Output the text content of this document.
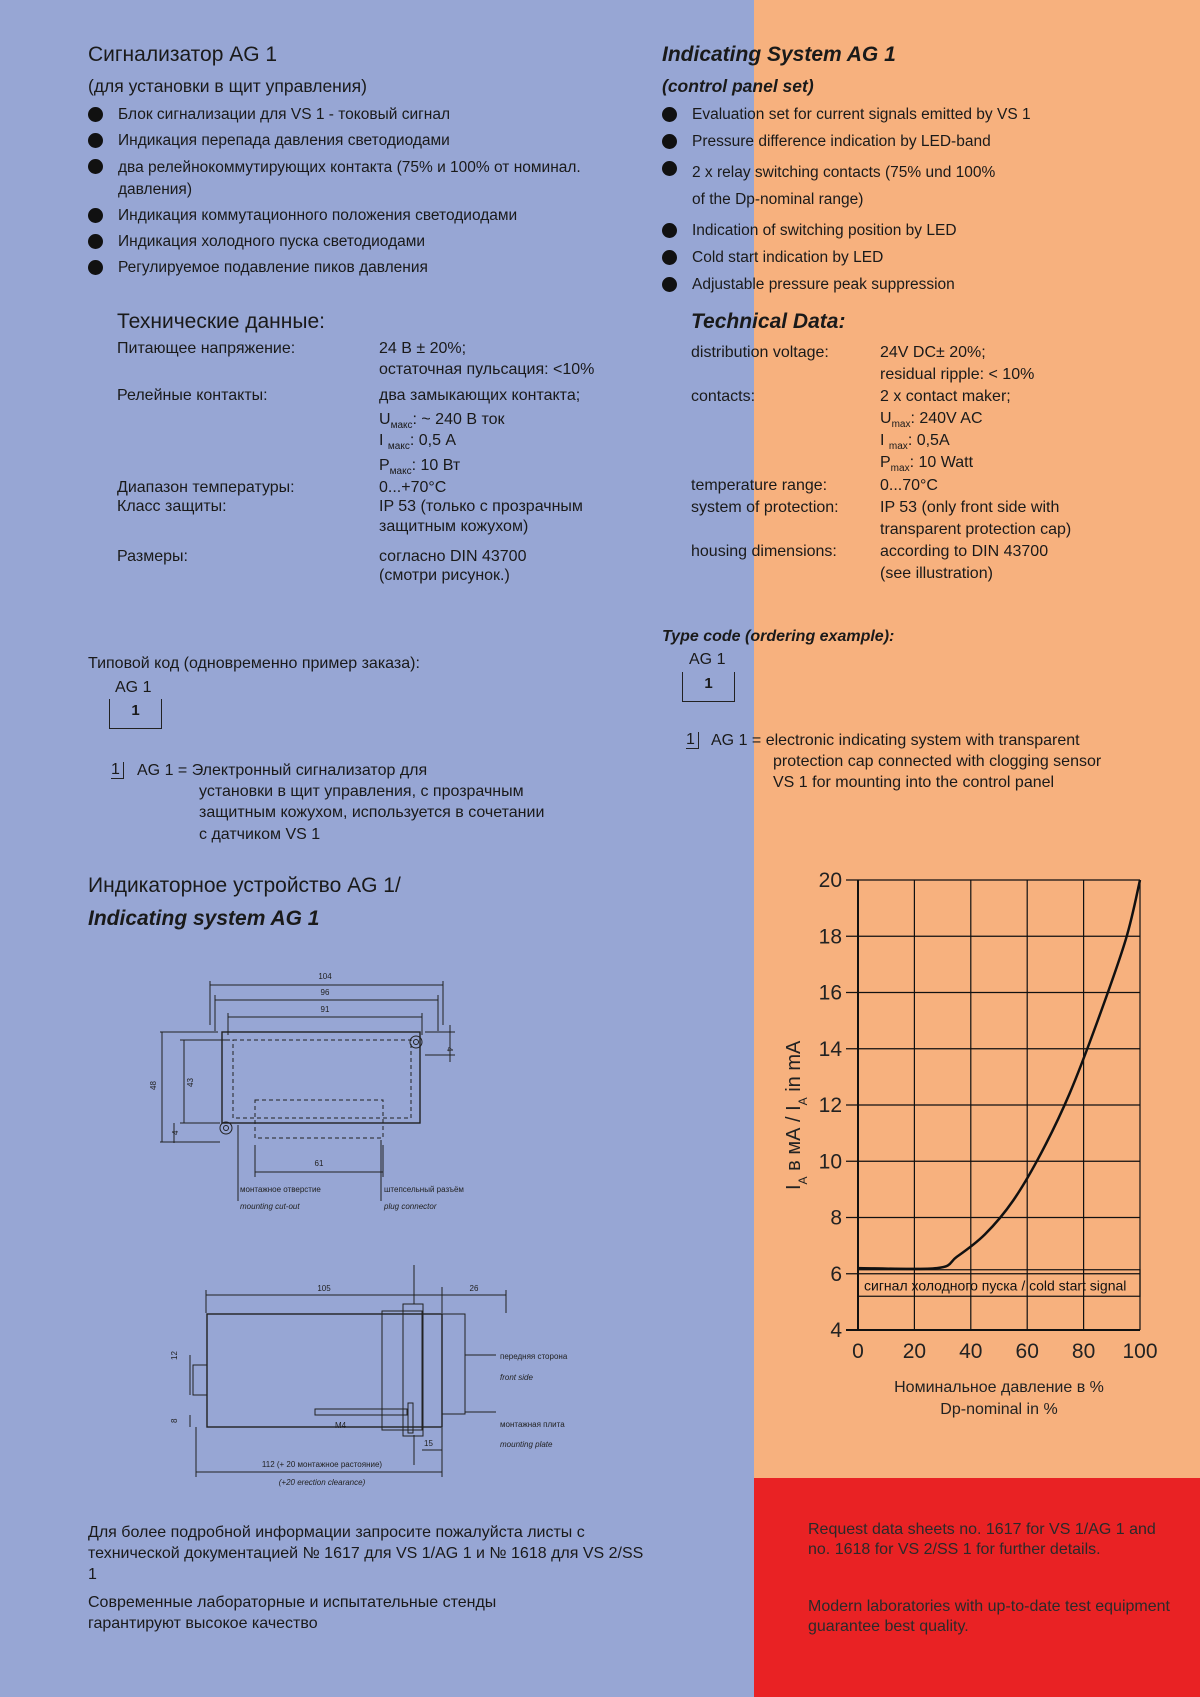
Сигнализатор AG 1
(для установки в щит управления)
Блок сигнализации для VS 1 - токовый сигнал
Индикация перепада давления светодиодами
два релейнокоммутирующих контакта (75% и 100% от номинал. давления)
Индикация коммутационного положения светодиодами
Индикация холодного пуска светодиодами
Регулируемое подавление пиков давления
Технические данные:
Питающее напряжение:	24 В ± 20%;
остаточная пульсация: <10%
Релейные контакты:	два замыкающих контакта;
$U_{макс}$: ~ 240 В ток
I $_{макс}$: 0,5 А
$P_{макс}$: 10 Вт
Диапазон температуры:	0...+70°С
Класс защиты:	IP 53 (только с прозрачным
защитным кожухом)
Размеры:	согласно DIN 43700
(смотри рисунок.)
Типовой код (одновременно пример заказа):
AG 1
1
1 AG 1 = Электронный сигнализатор для
установки в щит управления, с прозрачным
защитным кожухом, используется в сочетании
с датчиком VS 1
Индикаторное устройство AG 1/
Indicating system AG 1
104
96
91
48	43
4
4
61
монтажное отверстие
mounting cut-out
штепсельный разъём
plug connector
105	26
12
8
M4
15
112 (+ 20 монтажное растояние)
(+20 erection clearance)
передняя сторона
front side
монтажная плита
mounting plate
Для более подробной информации запросите пожалуйста листы с технической документацией № 1617 для VS 1/AG 1 и № 1618 для VS 2/SS 1
Современные лабораторные и испытательные стенды гарантируют высокое качество
Indicating System AG 1
(control panel set)
Evaluation set for current signals emitted by VS 1
Pressure difference indication by LED-band
2 x relay switching contacts (75% und 100%
of the Dp-nominal range)
Indication of switching position by LED
Cold start indication by LED
Adjustable pressure peak suppression
Technical Data:
distribution voltage:	24V DC± 20%;
residual ripple: < 10%
contacts:	2 x contact maker;
$U_{max}$: 240V AC
I $_{max}$: 0,5A
$P_{max}$: 10 Watt
temperature range:	0...70°C
system of protection:	IP 53 (only front side with
transparent protection cap)
housing dimensions:	according to DIN 43700
(see illustration)
Type code (ordering example):
AG 1
1
1 AG 1 = electronic indicating system with transparent
protection cap connected with clogging sensor
VS 1 for mounting into the control panel
0 20 40 60 80 100
4
6
8
10
12
14
16
18
20
сигнал холодного пуска / cold start signal
$I_A$ в мА / $I_A$ in mA
Номинальное давление в %
Dp-nominal in %
Request data sheets no. 1617 for VS 1/AG 1 and no. 1618 for VS 2/SS 1 for further details.
Modern laboratories with up-to-date test equipment guarantee best quality.
